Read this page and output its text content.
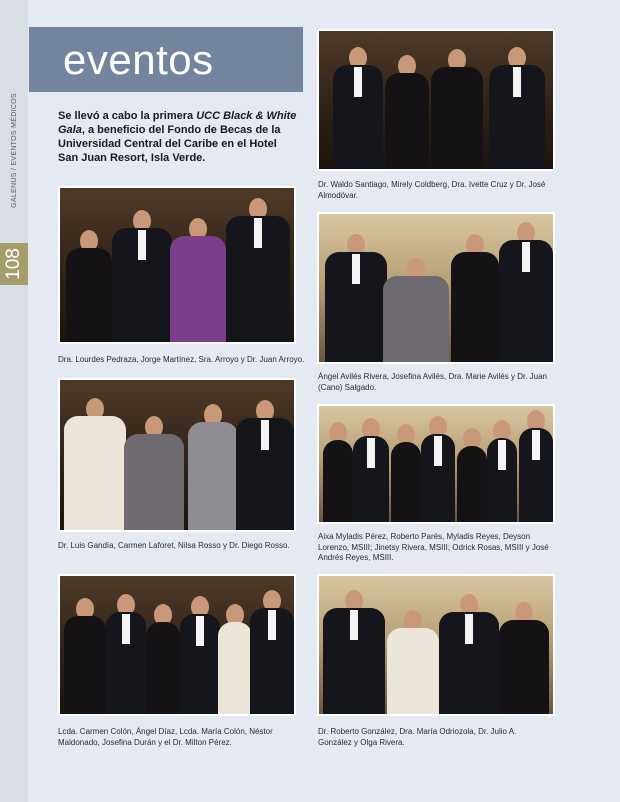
GALENUS / EVENTOS MÉDICOS
108
eventos
Se llevó a cabo la primera UCC Black & White Gala, a beneficio del Fondo de Becas de la Universidad Central del Caribe en el Hotel San Juan Resort, Isla Verde.
Dr. Waldo Santiago, Mirely Coldberg, Dra. Ivette Cruz y Dr. José Almodóvar.
Dra. Lourdes Pedraza, Jorge Martínez, Sra. Arroyo y Dr. Juan Arroyo.
Ángel Avilés Rivera, Josefina Avilés, Dra. Marie Avilés y Dr. Juan (Cano) Salgado.
Dr. Luis Gandía, Carmen Laforet, Nilsa Rosso y Dr. Diego Rosso.
Aixa Myladis Pérez, Roberto Parés, Myladis Reyes, Deyson Lorenzo, MSIII; Jinetsy Rivera, MSIII; Odrick Rosas, MSIII y José Andrés Reyes, MSIII.
Lcda. Carmen Colón, Ángel Díaz, Lcda. María Colón, Néstor Maldonado, Josefina Durán y el Dr. Milton Pérez.
Dr. Roberto González, Dra. María Odriozola, Dr. Julio A. González y Olga Rivera.
